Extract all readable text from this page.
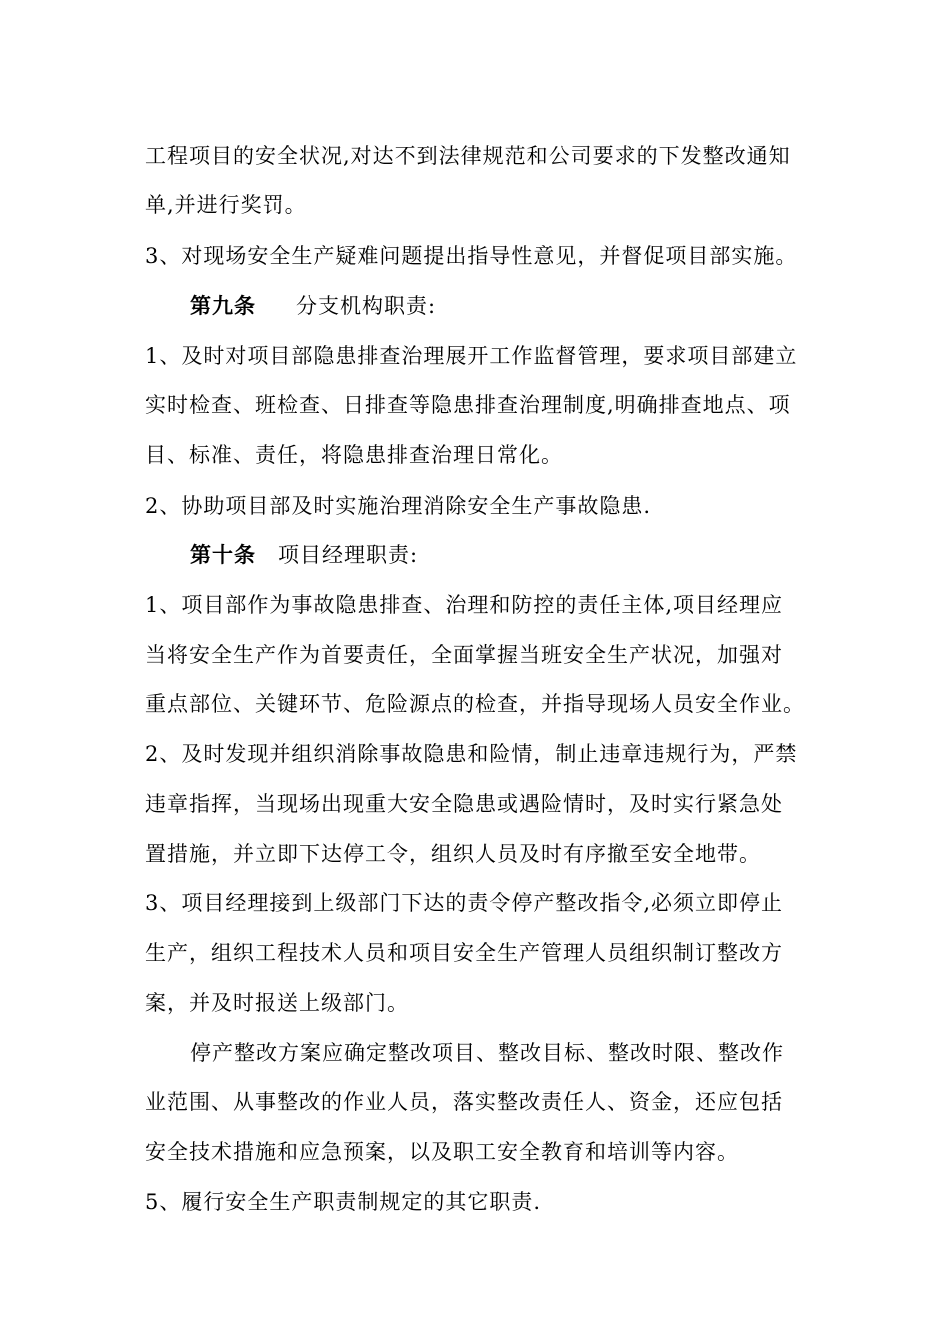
工程项目的安全状况,对达不到法律规范和公司要求的下发整改通知
单,并进行奖罚。
3、对现场安全生产疑难问题提出指导性意见，并督促项目部实施。
第九条 分支机构职责:
1、及时对项目部隐患排查治理展开工作监督管理，要求项目部建立
实时检查、班检查、日排查等隐患排查治理制度,明确排查地点、项
目、标准、责任，将隐患排查治理日常化。
2、协助项目部及时实施治理消除安全生产事故隐患.
第十条 项目经理职责:
1、项目部作为事故隐患排查、治理和防控的责任主体,项目经理应
当将安全生产作为首要责任，全面掌握当班安全生产状况，加强对
重点部位、关键环节、危险源点的检查，并指导现场人员安全作业。
2、及时发现并组织消除事故隐患和险情，制止违章违规行为，严禁
违章指挥，当现场出现重大安全隐患或遇险情时，及时实行紧急处
置措施，并立即下达停工令，组织人员及时有序撤至安全地带。
3、项目经理接到上级部门下达的责令停产整改指令,必须立即停止
生产，组织工程技术人员和项目安全生产管理人员组织制订整改方
案，并及时报送上级部门。
停产整改方案应确定整改项目、整改目标、整改时限、整改作
业范围、从事整改的作业人员，落实整改责任人、资金，还应包括
安全技术措施和应急预案，以及职工安全教育和培训等内容。
5、履行安全生产职责制规定的其它职责.
